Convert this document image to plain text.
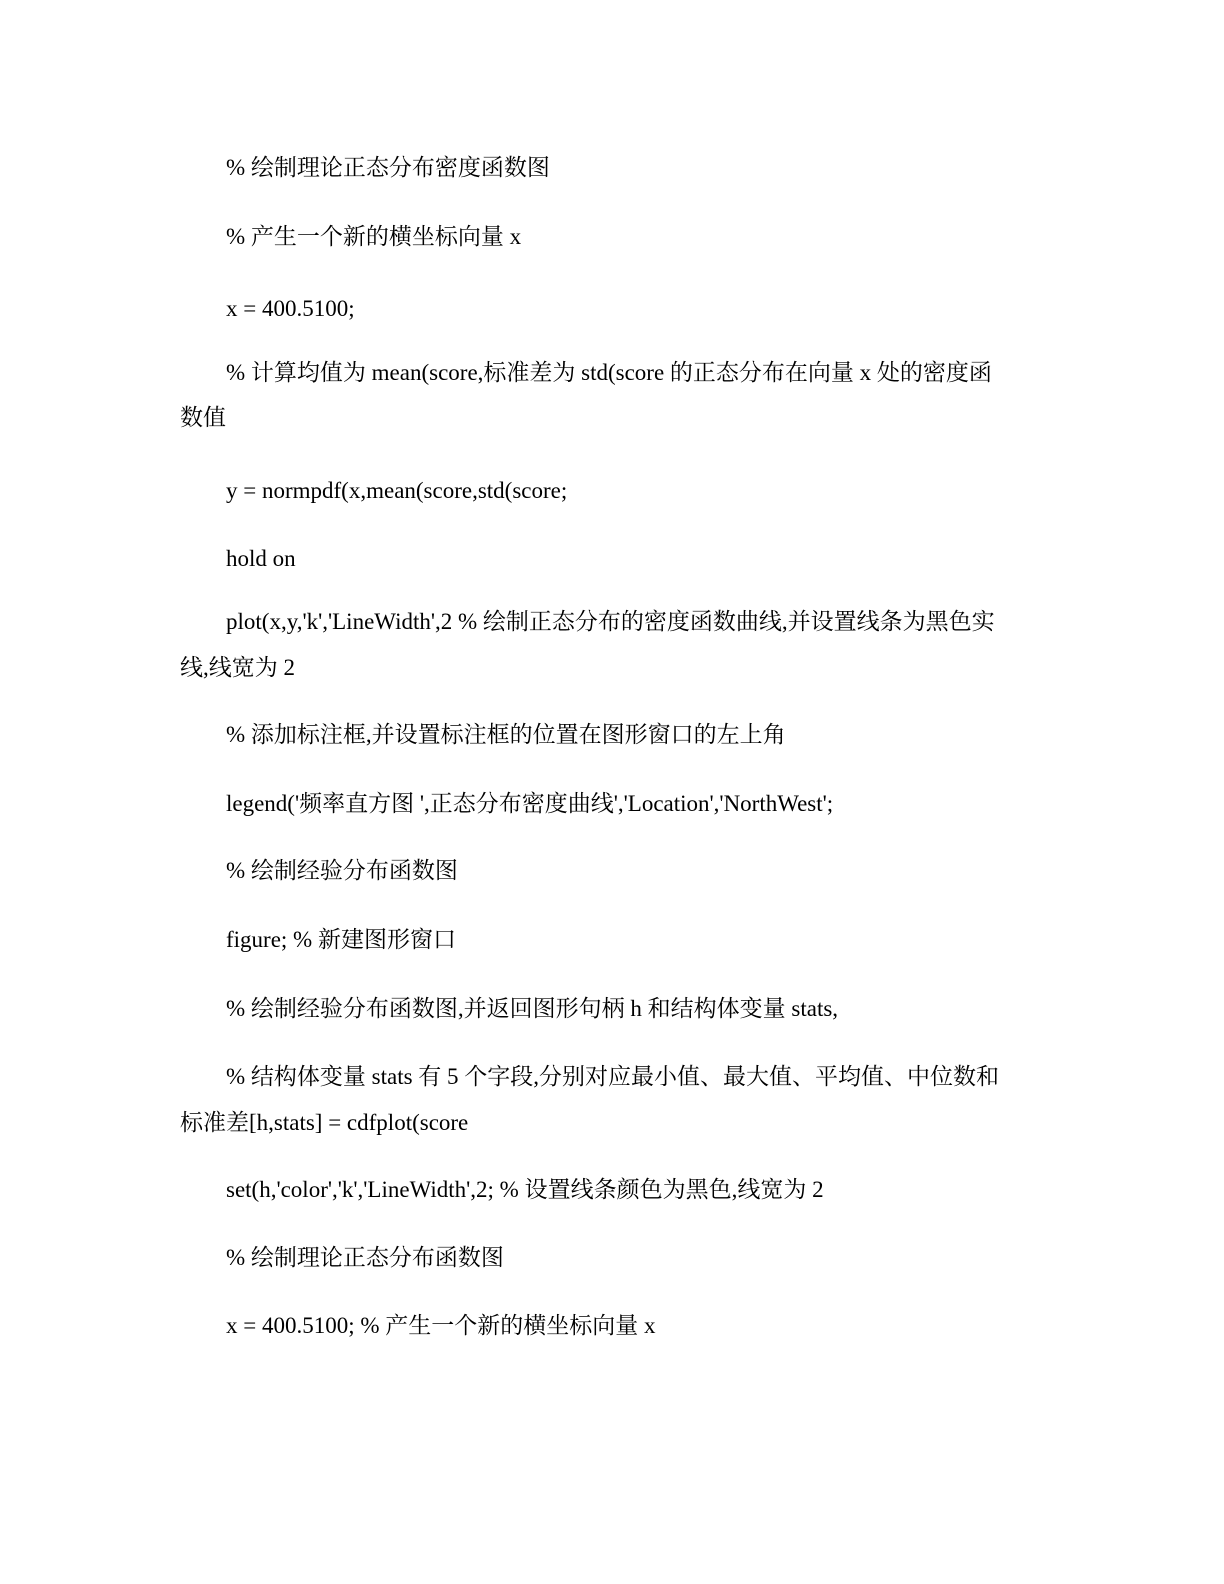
% 绘制理论正态分布密度函数图
% 产生一个新的横坐标向量 x
x = 400.5100;
% 计算均值为 mean(score,标准差为 std(score 的正态分布在向量 x 处的密度函
数值
y = normpdf(x,mean(score,std(score;
hold on
plot(x,y,'k','LineWidth',2 % 绘制正态分布的密度函数曲线,并设置线条为黑色实
线,线宽为 2
% 添加标注框,并设置标注框的位置在图形窗口的左上角
legend('频率直方图 ',正态分布密度曲线','Location','NorthWest';
% 绘制经验分布函数图
figure; % 新建图形窗口
% 绘制经验分布函数图,并返回图形句柄 h 和结构体变量 stats,
% 结构体变量 stats 有 5 个字段,分别对应最小值、最大值、平均值、中位数和
标准差[h,stats] = cdfplot(score
set(h,'color','k','LineWidth',2; % 设置线条颜色为黑色,线宽为 2
% 绘制理论正态分布函数图
x = 400.5100; % 产生一个新的横坐标向量 x
